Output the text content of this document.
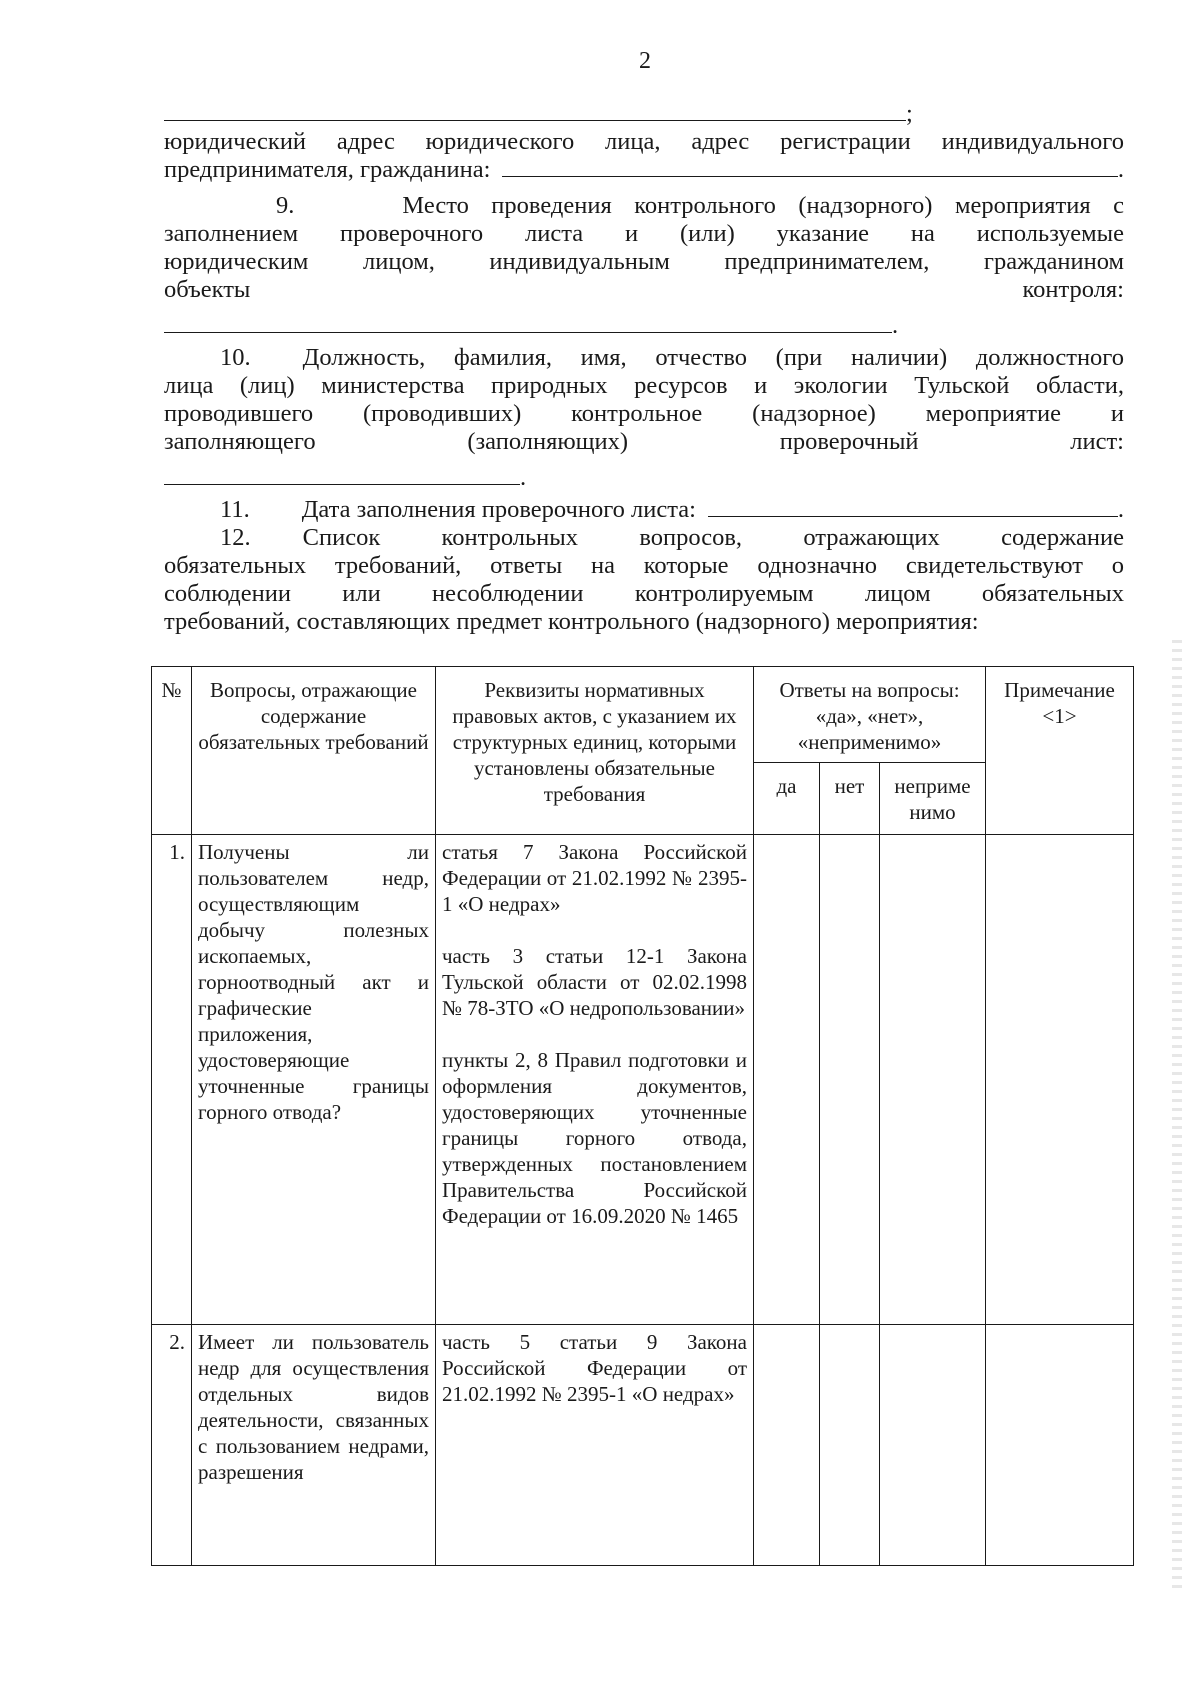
2
;
юридический адрес юридического лица, адрес регистрации индивидуального
предпринимателя, гражданина:	.
9.	Место проведения контрольного (надзорного) мероприятия с
заполнением проверочного листа и (или) указание на используемые
юридическим лицом, индивидуальным предпринимателем, гражданином
объекты	контроля:
.
10. Должность, фамилия, имя, отчество (при наличии) должностного
лица (лиц) министерства природных ресурсов и экологии Тульской области,
проводившего (проводивших) контрольное (надзорное) мероприятие и
заполняющего (заполняющих) проверочный лист:
.
11. Дата заполнения проверочного листа:	.
12. Список контрольных вопросов, отражающих содержание
обязательных требований, ответы на которые однозначно свидетельствуют о
соблюдении или несоблюдении контролируемым лицом обязательных
требований, составляющих предмет контрольного (надзорного) мероприятия:
№	Вопросы, отражающие содержание обязательных требований	Реквизиты нормативных правовых актов, с указанием их структурных единиц, которыми установлены обязательные требования	Ответы на вопросы: «да», «нет», «неприменимо»			Примечание <1>
			да	нет	неприме нимо	
1.	Получены ли пользователем недр, осуществляющим добычу полезных ископаемых, горноотводный акт и графические приложения, удостоверяющие уточненные границы горного отвода?	статья 7 Закона Российской Федерации от 21.02.1992 № 2395-1 «О недрах»
часть 3 статьи 12-1 Закона Тульской области от 02.02.1998 № 78-ЗТО «О недропользовании»
пункты 2, 8 Правил подготовки и оформления документов, удостоверяющих уточненные границы горного отвода, утвержденных постановлением Правительства Российской Федерации от 16.09.2020 № 1465				

2.	Имеет ли пользователь недр для осуществления отдельных видов деятельности, связанных с пользованием недрами, разрешения	часть 5 статьи 9 Закона Российской Федерации от 21.02.1992 № 2395-1 «О недрах»				
